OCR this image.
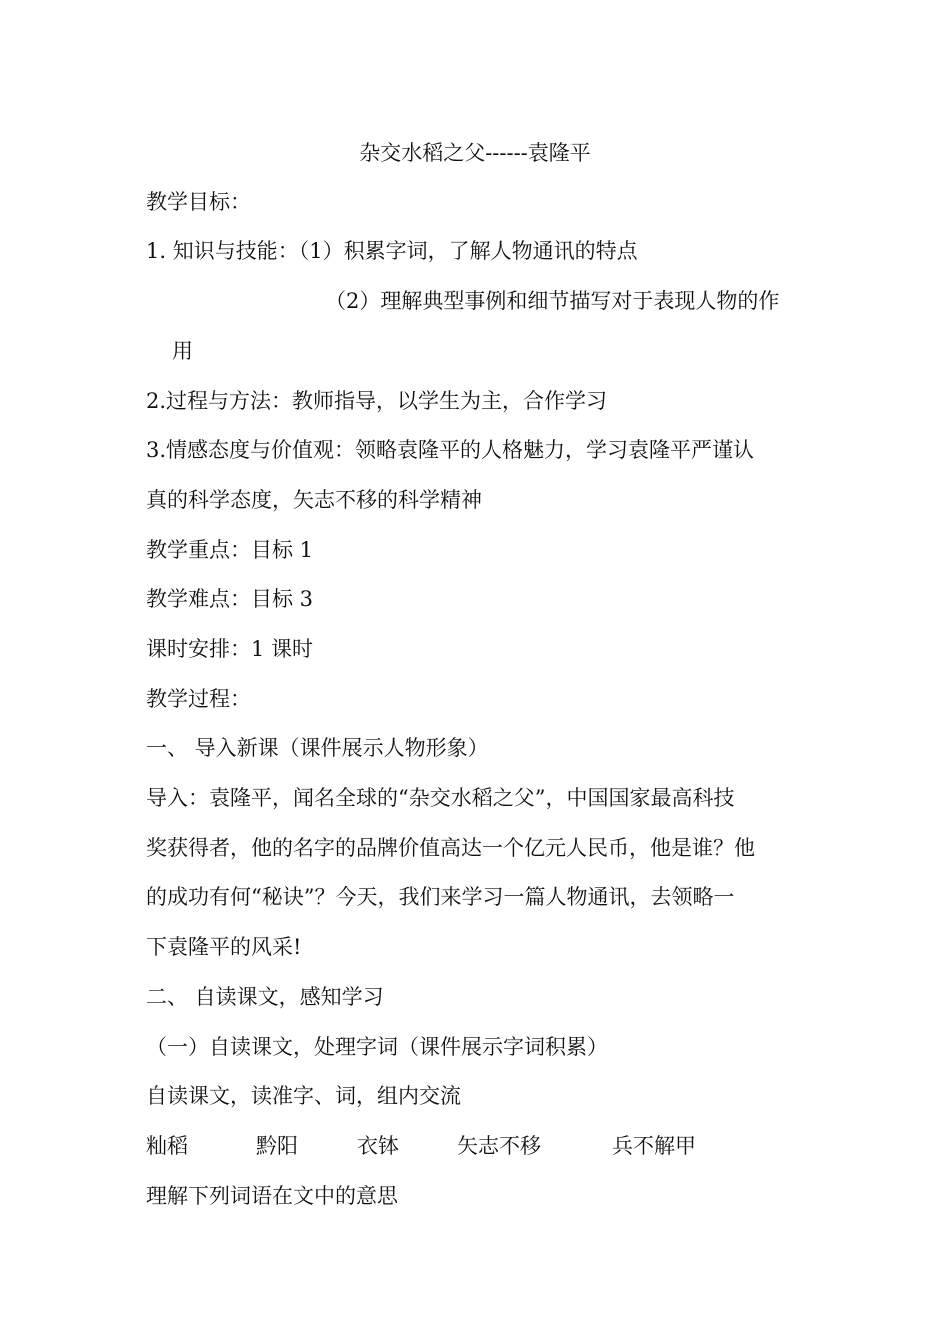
杂交水稻之父------袁隆平
教学目标：
1. 知识与技能：（1）积累字词，了解人物通讯的特点
（2）理解典型事例和细节描写对于表现人物的作
用
2.过程与方法：教师指导，以学生为主，合作学习
3.情感态度与价值观：领略袁隆平的人格魅力，学习袁隆平严谨认
真的科学态度，矢志不移的科学精神
教学重点：目标 1
教学难点：目标 3
课时安排：1 课时
教学过程：
一、 导入新课（课件展示人物形象）
导入：袁隆平，闻名全球的“杂交水稻之父”，中国国家最高科技
奖获得者，他的名字的品牌价值高达一个亿元人民币，他是谁？他
的成功有何“秘诀”？今天，我们来学习一篇人物通讯，去领略一
下袁隆平的风采!
二、 自读课文，感知学习
（一）自读课文，处理字词（课件展示字词积累）
自读课文，读准字、词，组内交流
籼稻	黔阳	衣钵	矢志不移	兵不解甲
理解下列词语在文中的意思
